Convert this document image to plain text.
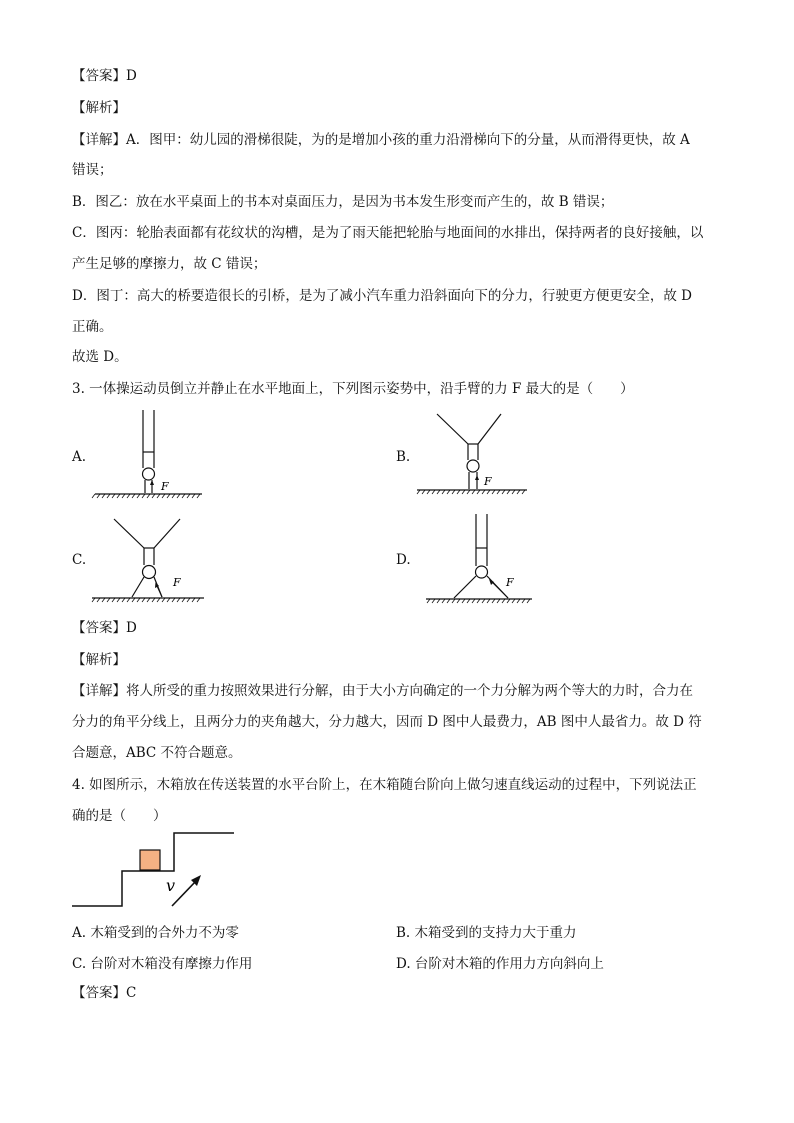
【答案】D
【解析】
【详解】A．图甲：幼儿园的滑梯很陡，为的是增加小孩的重力沿滑梯向下的分量，从而滑得更快，故 A
错误；
B．图乙：放在水平桌面上的书本对桌面压力，是因为书本发生形变而产生的，故 B 错误；
C．图丙：轮胎表面都有花纹状的沟槽，是为了雨天能把轮胎与地面间的水排出，保持两者的良好接触，以
产生足够的摩擦力，故 C 错误；
D．图丁：高大的桥要造很长的引桥，是为了减小汽车重力沿斜面向下的分力，行驶更方便更安全，故 D
正确。
故选 D。
3. 一体操运动员倒立并静止在水平地面上，下列图示姿势中，沿手臂的力 F 最大的是（　　）
A.	B.
C.	D.
F	F
F	F
【答案】D
【解析】
【详解】将人所受的重力按照效果进行分解，由于大小方向确定的一个力分解为两个等大的力时，合力在
分力的角平分线上，且两分力的夹角越大，分力越大，因而 D 图中人最费力，AB 图中人最省力。故 D 符
合题意，ABC 不符合题意。
4. 如图所示，木箱放在传送装置的水平台阶上，在木箱随台阶向上做匀速直线运动的过程中，下列说法正
确的是（　　）
v
A. 木箱受到的合外力不为零	B. 木箱受到的支持力大于重力
C. 台阶对木箱没有摩擦力作用	D. 台阶对木箱的作用力方向斜向上
【答案】C
